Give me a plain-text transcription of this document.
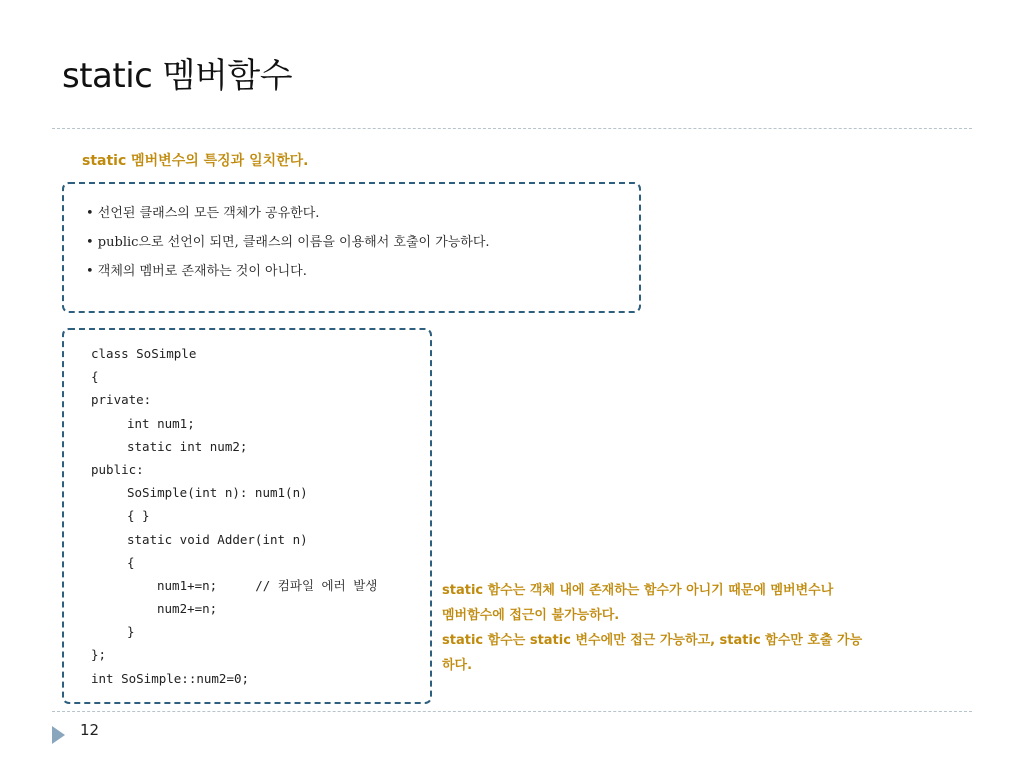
static 멤버함수
static 멤버변수의 특징과 일치한다.
• 선언된 클래스의 모든 객체가 공유한다.
• public으로 선언이 되면, 클래스의 이름을 이용해서 호출이 가능하다.
• 객체의 멤버로 존재하는 것이 아니다.
class SoSimple
{
private:
int num1;
static int num2;
public:
SoSimple(int n): num1(n)
{ }
static void Adder(int n)
{
num1+=n;	// 컴파일 에러 발생
num2+=n;
}
};
int SoSimple::num2=0;
static 함수는 객체 내에 존재하는 함수가 아니기 때문에 멤버변수나
멤버함수에 접근이 불가능하다.
static 함수는 static 변수에만 접근 가능하고, static 함수만 호출 가능
하다.
12
